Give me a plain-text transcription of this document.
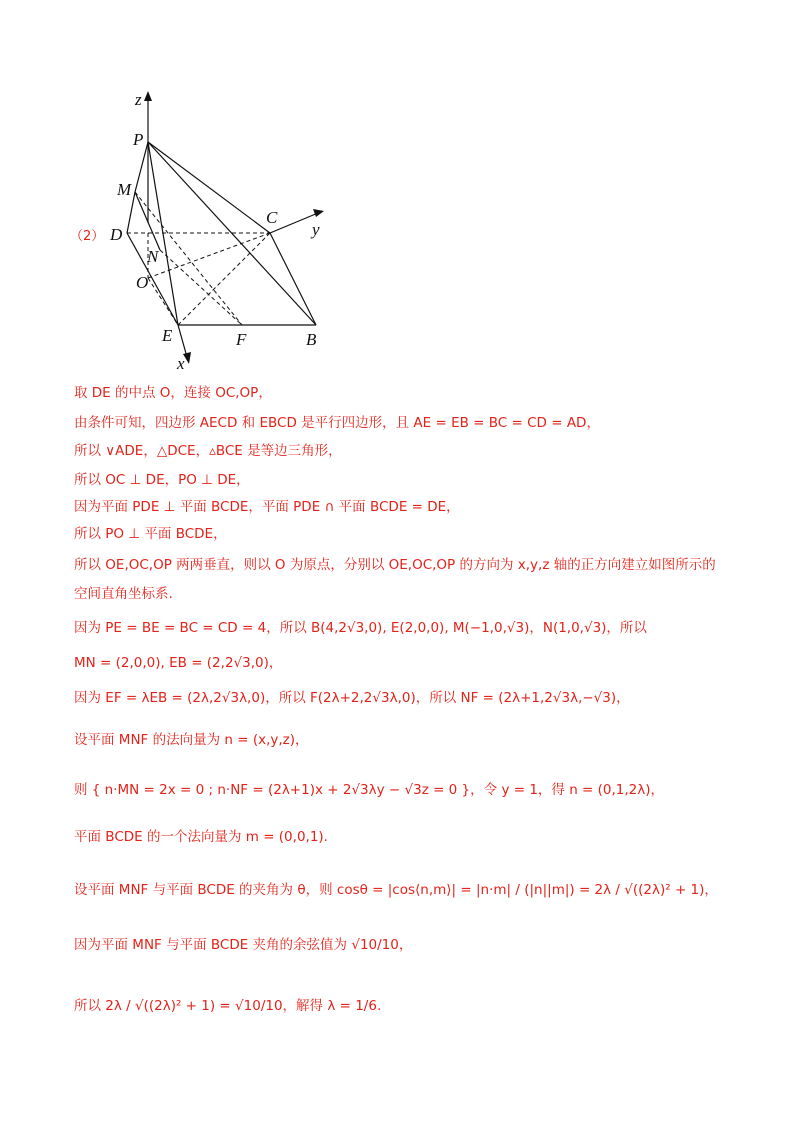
（2）
z
y
x
P
M
D
C
N
O
E	F	B
取 DE 的中点 O，连接 OC,OP，
由条件可知，四边形 AECD 和 EBCD 是平行四边形，且 AE = EB = BC = CD = AD，
所以 ∨ADE，△DCE，▵BCE 是等边三角形，
所以 OC ⊥ DE，PO ⊥ DE，
因为平面 PDE ⊥ 平面 BCDE，平面 PDE ∩ 平面 BCDE = DE，
所以 PO ⊥ 平面 BCDE，
所以 OE,OC,OP 两两垂直，则以 O 为原点，分别以 OE,OC,OP 的方向为 x,y,z 轴的正方向建立如图所示的
空间直角坐标系.
因为 PE = BE = BC = CD = 4，所以 B(4,2√3,0), E(2,0,0), M(−1,0,√3)，N(1,0,√3)，所以
MN = (2,0,0), EB = (2,2√3,0)，
因为 EF = λEB = (2λ,2√3λ,0)，所以 F(2λ+2,2√3λ,0)，所以 NF = (2λ+1,2√3λ,−√3)，
设平面 MNF 的法向量为 n = (x,y,z)，
则 { n·MN = 2x = 0 ; n·NF = (2λ+1)x + 2√3λy − √3z = 0 }，令 y = 1，得 n = (0,1,2λ)，
平面 BCDE 的一个法向量为 m = (0,0,1).
设平面 MNF 与平面 BCDE 的夹角为 θ，则 cosθ = |cos⟨n,m⟩| = |n·m| / (|n||m|) = 2λ / √((2λ)² + 1)，
因为平面 MNF 与平面 BCDE 夹角的余弦值为 √10/10，
所以 2λ / √((2λ)² + 1) = √10/10，解得 λ = 1/6.
